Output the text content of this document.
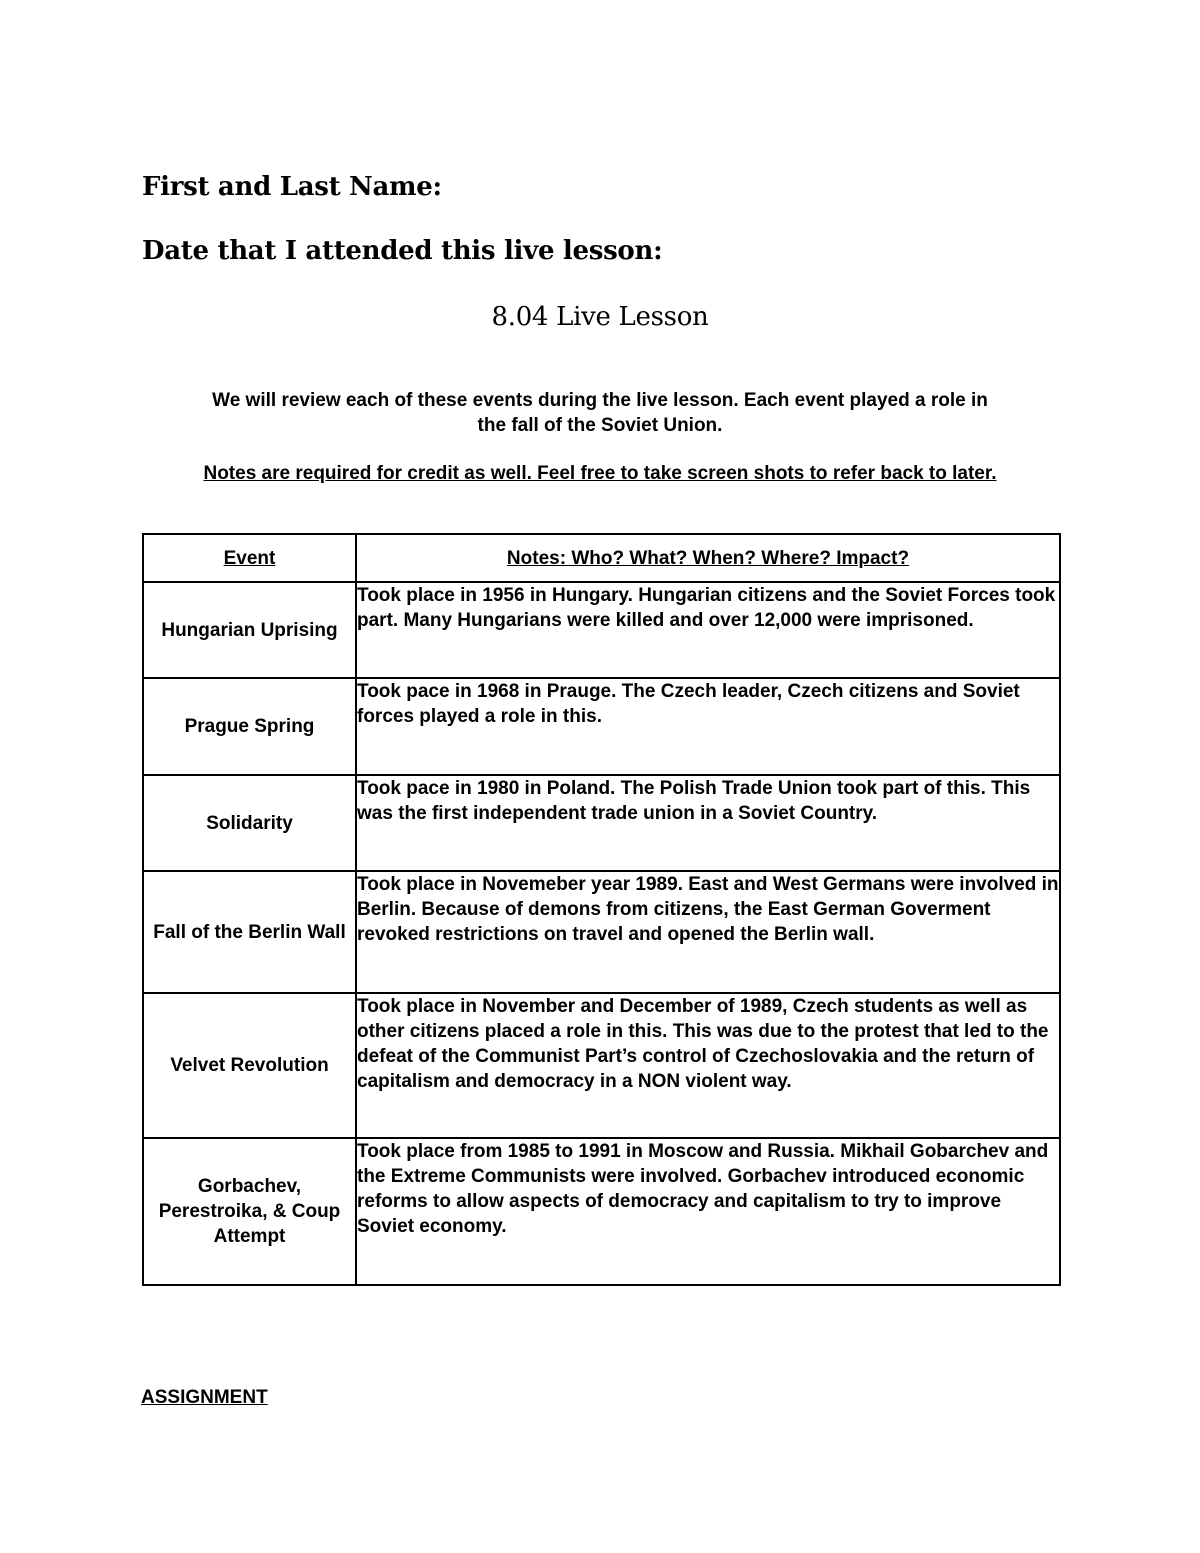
First and Last Name:
Date that I attended this live lesson:
8.04 Live Lesson
We will review each of these events during the live lesson. Each event played a role in
the fall of the Soviet Union.
Notes are required for credit as well. Feel free to take screen shots to refer back to later.
Event	Notes: Who? What? When? Where? Impact?
Hungarian Uprising	Took place in 1956 in Hungary. Hungarian citizens and the Soviet Forces took part. Many Hungarians were killed and over 12,000 were imprisoned.
Prague Spring	Took pace in 1968 in Prauge. The Czech leader, Czech citizens and Soviet forces played a role in this.
Solidarity	Took pace in 1980 in Poland. The Polish Trade Union took part of this. This was the first independent trade union in a Soviet Country.
Fall of the Berlin Wall	Took place in Novemeber year 1989. East and West Germans were involved in Berlin. Because of demons from citizens, the East German Goverment revoked restrictions on travel and opened the Berlin wall.
Velvet Revolution	Took place in November and December of 1989, Czech students as well as other citizens placed a role in this. This was due to the protest that led to the defeat of the Communist Part’s control of Czechoslovakia and the return of capitalism and democracy in a NON violent way.
Gorbachev, Perestroika, & Coup Attempt	Took place from 1985 to 1991 in Moscow and Russia. Mikhail Gobarchev and the Extreme Communists were involved. Gorbachev introduced economic reforms to allow aspects of democracy and capitalism to try to improve Soviet economy.
ASSIGNMENT
